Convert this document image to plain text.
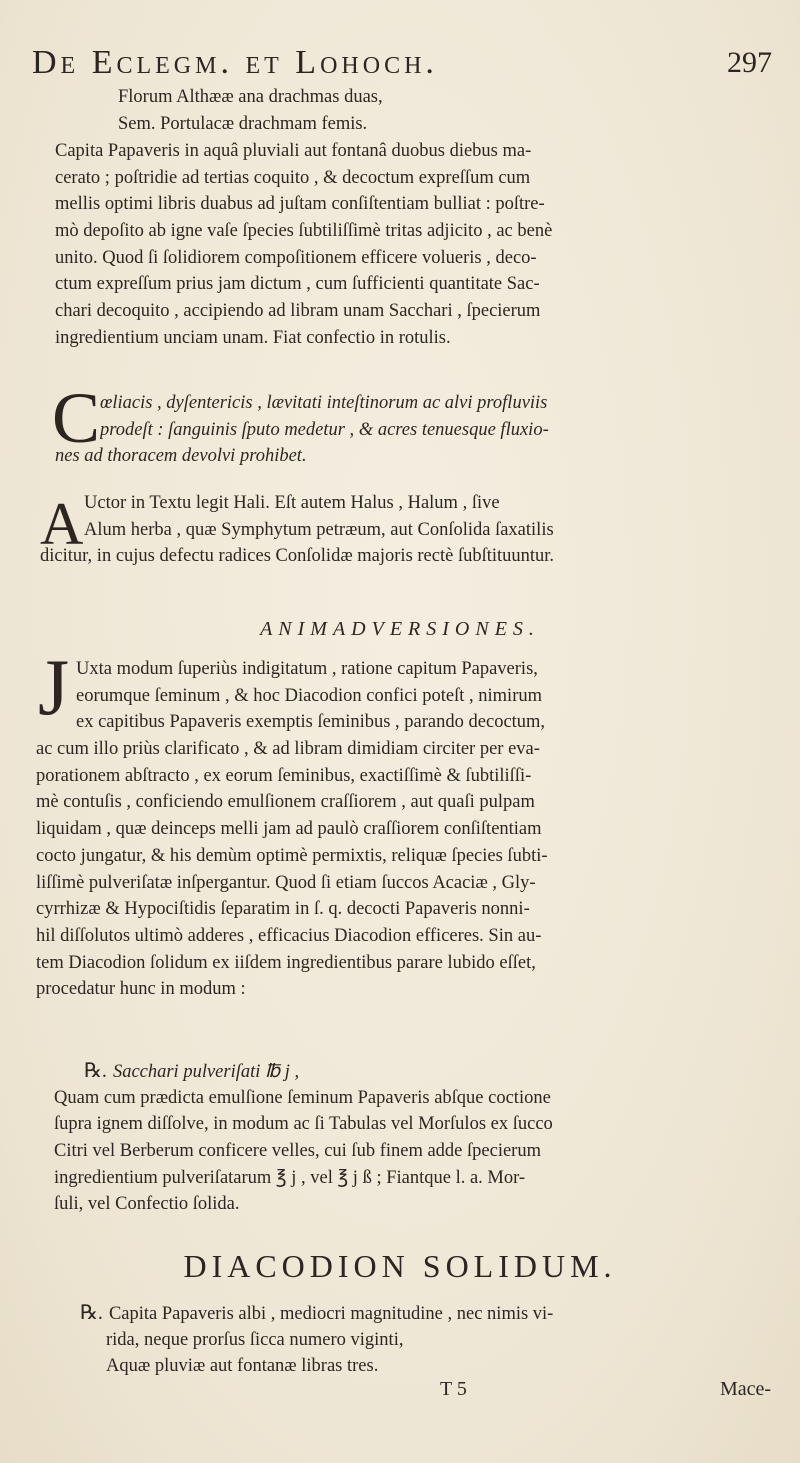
De Eclegm. et Lohoch.	297
Florum Althææ ana drachmas duas,
Sem. Portulacæ drachmam femis.
Capita Papaveris in aquâ pluviali aut fontanâ duobus diebus ma-
cerato ; poſtridie ad tertias coquito , & decoctum expreſſum cum
mellis optimi libris duabus ad juſtam conſiſtentiam bulliat : poſtre-
mò depoſito ab igne vaſe ſpecies ſubtiliſſimè tritas adjicito , ac benè
unito. Quod ſi ſolidiorem compoſitionem efficere volueris , deco-
ctum expreſſum prius jam dictum , cum ſufficienti quantitate Sac-
chari decoquito , accipiendo ad libram unam Sacchari , ſpecierum
ingredientium unciam unam. Fiat confectio in rotulis.
C œliacis , dyſentericis , lævitati inteſtinorum ac alvi profluviis
prodeſt : ſanguinis ſputo medetur , & acres tenuesque fluxio-
nes ad thoracem devolvi prohibet.
A Uctor in Textu legit Hali. Eſt autem Halus , Halum , ſive
Alum herba , quæ Symphytum petræum, aut Conſolida ſaxatilis
dicitur, in cujus defectu radices Conſolidæ majoris rectè ſubſtituuntur.
ANIMADVERSIONES.
J Uxta modum ſuperiùs indigitatum , ratione capitum Papaveris,
eorumque ſeminum , & hoc Diacodion confici poteſt , nimirum
ex capitibus Papaveris exemptis ſeminibus , parando decoctum,
ac cum illo priùs clarificato , & ad libram dimidiam circiter per eva-
porationem abſtracto , ex eorum ſeminibus, exactiſſimè & ſubtiliſſi-
mè contuſis , conficiendo emulſionem craſſiorem , aut quaſi pulpam
liquidam , quæ deinceps melli jam ad paulò craſſiorem conſiſtentiam
cocto jungatur, & his demùm optimè permixtis, reliquæ ſpecies ſubti-
liſſimè pulveriſatæ inſpergantur. Quod ſi etiam ſuccos Acaciæ , Gly-
cyrrhizæ & Hypociſtidis ſeparatim in ſ. q. decocti Papaveris nonni-
hil diſſolutos ultimò adderes , efficacius Diacodion efficeres. Sin au-
tem Diacodion ſolidum ex iiſdem ingredientibus parare lubido eſſet,
procedatur hunc in modum :
℞. Sacchari pulveriſati ℔ j ,
Quam cum prædicta emulſione ſeminum Papaveris abſque coctione
ſupra ignem diſſolve, in modum ac ſi Tabulas vel Morſulos ex ſucco
Citri vel Berberum conficere velles, cui ſub finem adde ſpecierum
ingredientium pulveriſatarum ℥ j , vel ℥ j ß ; Fiantque l. a. Mor-
ſuli, vel Confectio ſolida.
DIACODION SOLIDUM.
℞. Capita Papaveris albi , mediocri magnitudine , nec nimis vi-
rida, neque prorſus ſicca numero viginti,
Aquæ pluviæ aut fontanæ libras tres.
T 5	Mace-
